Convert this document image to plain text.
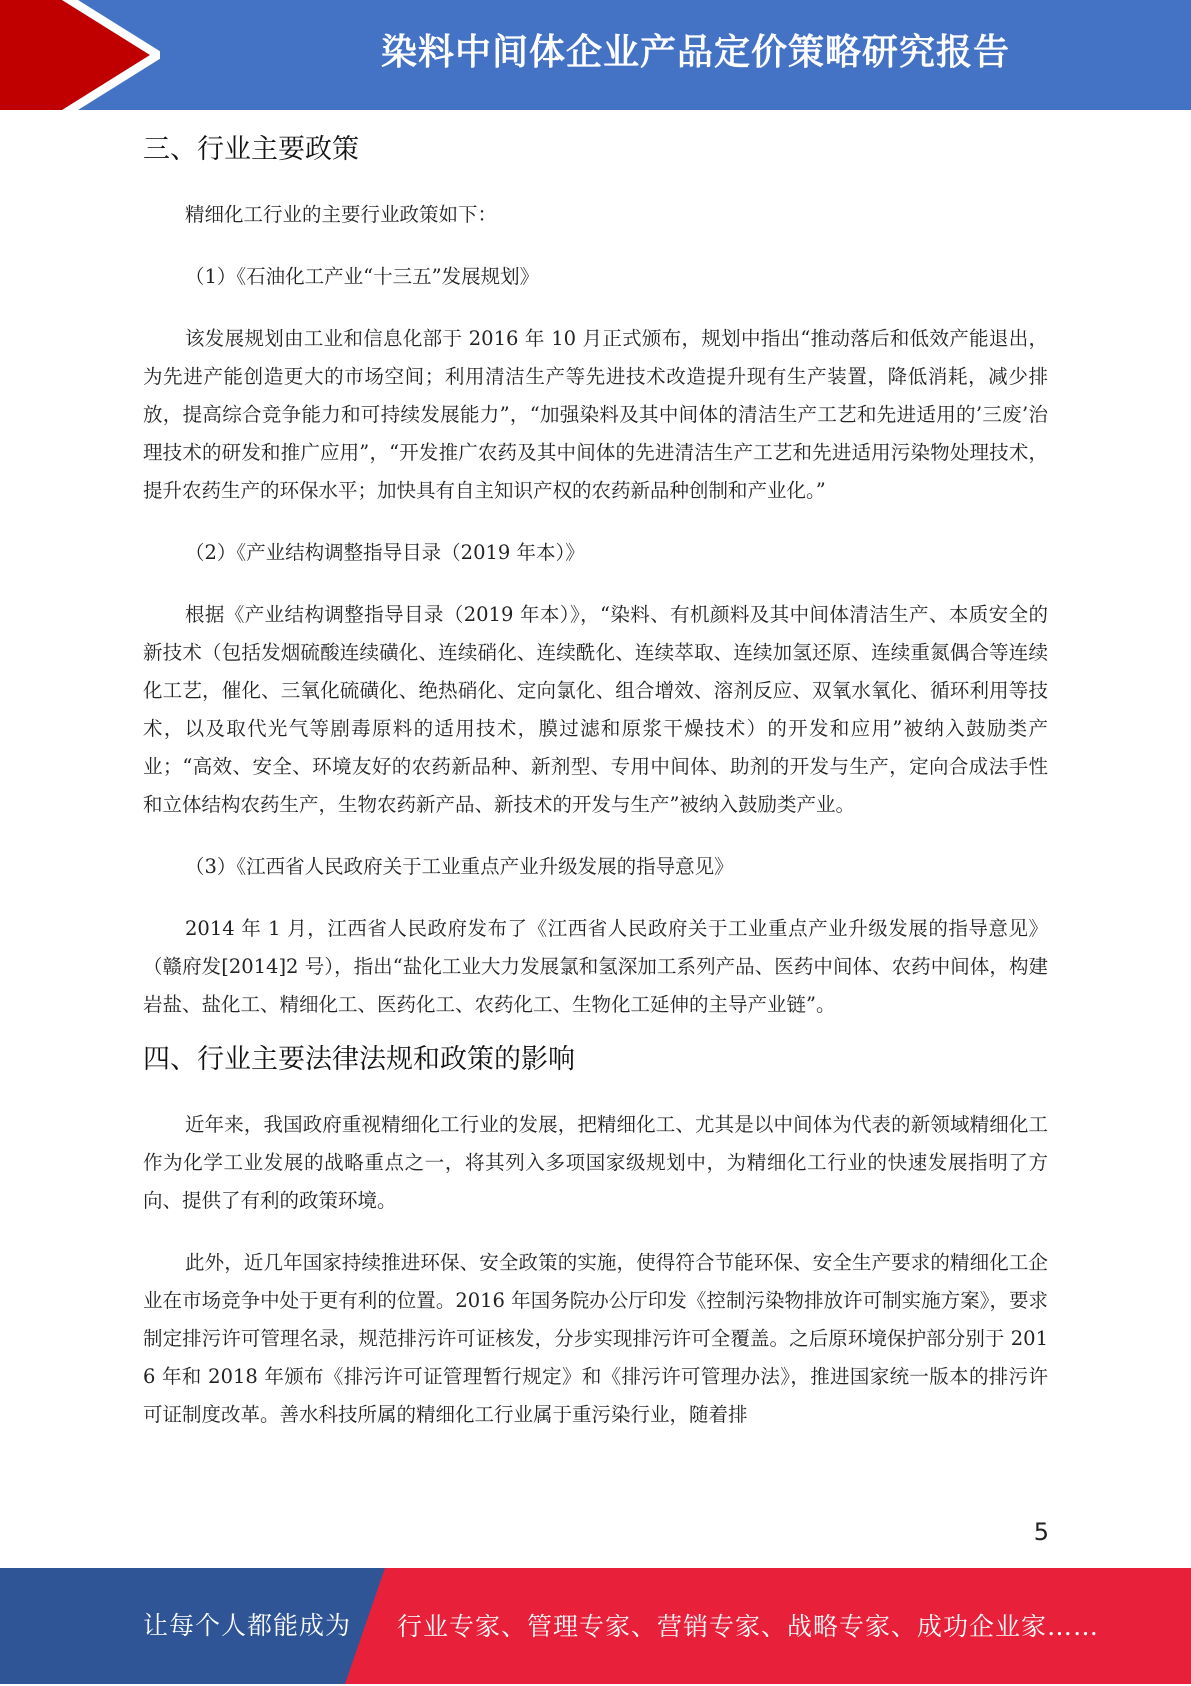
染料中间体企业产品定价策略研究报告
三、行业主要政策

精细化工行业的主要行业政策如下：

（1）《石油化工产业“十三五”发展规划》

该发展规划由工业和信息化部于 2016 年 10 月正式颁布，规划中指出“推动落后和低效产能退出，为先进产能创造更大的市场空间；利用清洁生产等先进技术改造提升现有生产装置，降低消耗，减少排放，提高综合竞争能力和可持续发展能力”，“加强染料及其中间体的清洁生产工艺和先进适用的’三废’治理技术的研发和推广应用”，“开发推广农药及其中间体的先进清洁生产工艺和先进适用污染物处理技术，提升农药生产的环保水平；加快具有自主知识产权的农药新品种创制和产业化。”

（2）《产业结构调整指导目录（2019 年本）》

根据《产业结构调整指导目录（2019 年本）》，“染料、有机颜料及其中间体清洁生产、本质安全的新技术（包括发烟硫酸连续磺化、连续硝化、连续酰化、连续萃取、连续加氢还原、连续重氮偶合等连续化工艺，催化、三氧化硫磺化、绝热硝化、定向氯化、组合增效、溶剂反应、双氧水氧化、循环利用等技术，以及取代光气等剧毒原料的适用技术，膜过滤和原浆干燥技术）的开发和应用”被纳入鼓励类产业；“高效、安全、环境友好的农药新品种、新剂型、专用中间体、助剂的开发与生产，定向合成法手性和立体结构农药生产，生物农药新产品、新技术的开发与生产”被纳入鼓励类产业。

（3）《江西省人民政府关于工业重点产业升级发展的指导意见》

2014 年 1 月，江西省人民政府发布了《江西省人民政府关于工业重点产业升级发展的指导意见》（赣府发[2014]2 号），指出“盐化工业大力发展氯和氢深加工系列产品、医药中间体、农药中间体，构建岩盐、盐化工、精细化工、医药化工、农药化工、生物化工延伸的主导产业链”。

四、行业主要法律法规和政策的影响

近年来，我国政府重视精细化工行业的发展，把精细化工、尤其是以中间体为代表的新领域精细化工作为化学工业发展的战略重点之一，将其列入多项国家级规划中，为精细化工行业的快速发展指明了方向、提供了有利的政策环境。

此外，近几年国家持续推进环保、安全政策的实施，使得符合节能环保、安全生产要求的精细化工企业在市场竞争中处于更有利的位置。2016 年国务院办公厅印发《控制污染物排放许可制实施方案》，要求制定排污许可管理名录，规范排污许可证核发，分步实现排污许可全覆盖。之后原环境保护部分别于 2016 年和 2018 年颁布《排污许可证管理暂行规定》和《排污许可管理办法》，推进国家统一版本的排污许可证制度改革。善水科技所属的精细化工行业属于重污染行业，随着排

5
让每个人都能成为 行业专家、管理专家、营销专家、战略专家、成功企业家……
